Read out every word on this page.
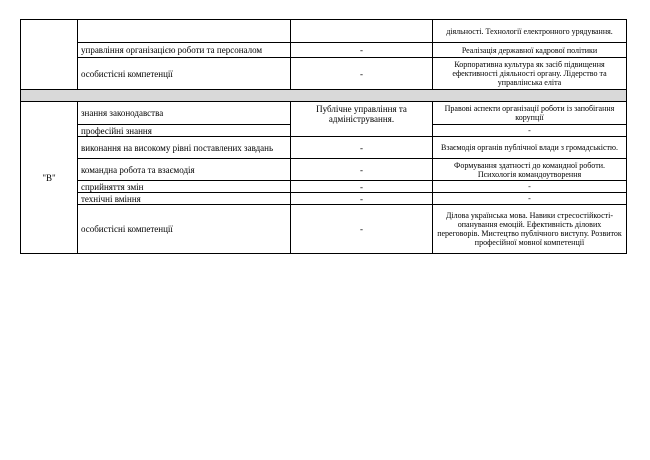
			діяльності. Технології електронного урядування.
	управління організацією роботи та персоналом	-	Реалізація державної кадрової політики
	особистісні компетенції	-	Корпоративна культура як засіб підвищення ефективності діяльності органу. Лідерство та управлінська еліта

"В"	знання законодавства	Публічне управління та адміністрування.	Правові аспекти організації роботи із запобігання корупції
	професійні знання		-
	виконання на високому рівні поставлених завдань	-	Взаємодія органів публічної влади з громадськістю.
	командна робота та взаємодія	-	Формування здатності до командної роботи. Психологія командоутворення
	сприйняття змін	-	-
	технічні вміння	-	-
	особистісні компетенції	-	Ділова українська мова. Навики стресостійкості-опанування емоцій. Ефективність ділових переговорів. Мистецтво публічного виступу. Розвиток професійної мовної компетенції
